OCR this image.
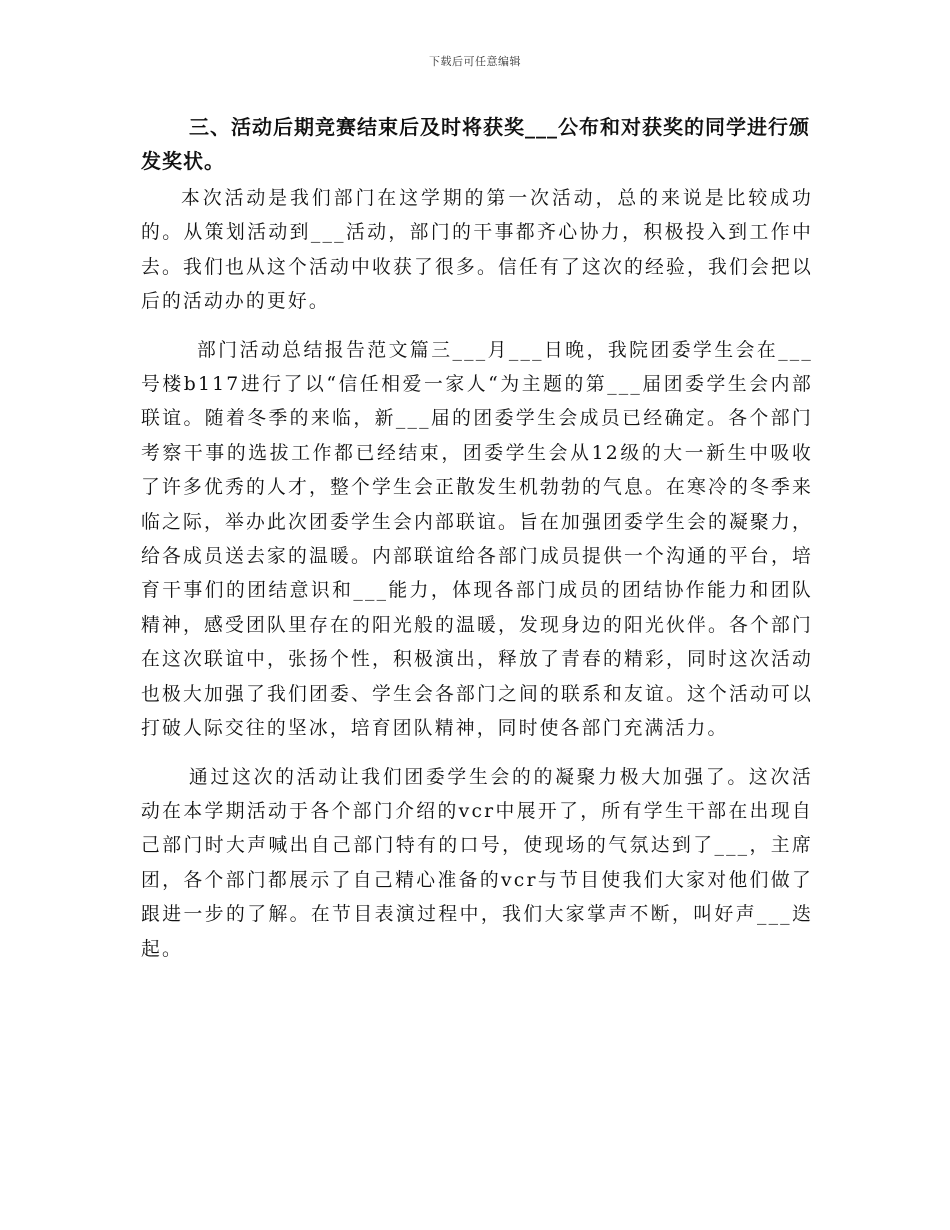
下载后可任意编辑

三、活动后期竞赛结束后及时将获奖___公布和对获奖的同学进行颁发奖状。

本次活动是我们部门在这学期的第一次活动，总的来说是比较成功的。从策划活动到___活动，部门的干事都齐心协力，积极投入到工作中去。我们也从这个活动中收获了很多。信任有了这次的经验，我们会把以后的活动办的更好。

部门活动总结报告范文篇三___月___日晚，我院团委学生会在___号楼b117进行了以“信任相爱一家人“为主题的第___届团委学生会内部联谊。随着冬季的来临，新___届的团委学生会成员已经确定。各个部门考察干事的选拔工作都已经结束，团委学生会从12级的大一新生中吸收了许多优秀的人才，整个学生会正散发生机勃勃的气息。在寒冷的冬季来临之际，举办此次团委学生会内部联谊。旨在加强团委学生会的凝聚力，给各成员送去家的温暖。内部联谊给各部门成员提供一个沟通的平台，培育干事们的团结意识和___能力，体现各部门成员的团结协作能力和团队精神，感受团队里存在的阳光般的温暖，发现身边的阳光伙伴。各个部门在这次联谊中，张扬个性，积极演出，释放了青春的精彩，同时这次活动也极大加强了我们团委、学生会各部门之间的联系和友谊。这个活动可以打破人际交往的坚冰，培育团队精神，同时使各部门充满活力。

通过这次的活动让我们团委学生会的的凝聚力极大加强了。这次活动在本学期活动于各个部门介绍的vcr中展开了，所有学生干部在出现自己部门时大声喊出自己部门特有的口号，使现场的气氛达到了___，主席团，各个部门都展示了自己精心准备的vcr与节目使我们大家对他们做了跟进一步的了解。在节目表演过程中，我们大家掌声不断，叫好声___迭起。
